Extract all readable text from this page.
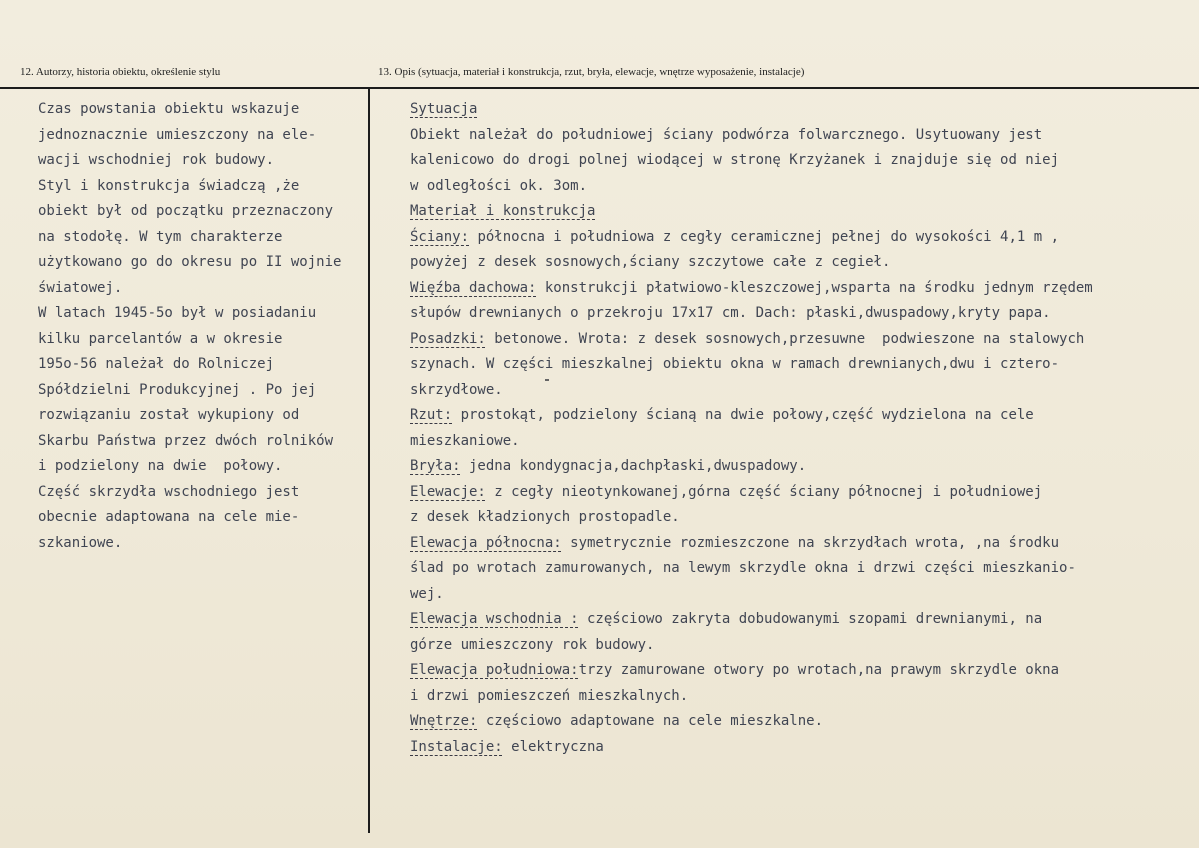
12. Autorzy, historia obiektu, określenie stylu	13. Opis (sytuacja, materiał i konstrukcja, rzut, bryła, elewacje, wnętrze wyposażenie, instalacje)
Czas powstania obiektu wskazuje
jednoznacznie umieszczony na ele-
wacji wschodniej rok budowy.
Styl i konstrukcja świadczą ,że
obiekt był od początku przeznaczony
na stodołę. W tym charakterze
użytkowano go do okresu po II wojnie
światowej.
W latach 1945-5o był w posiadaniu
kilku parcelantów a w okresie
195o-56 należał do Rolniczej
Spółdzielni Produkcyjnej . Po jej
rozwiązaniu został wykupiony od
Skarbu Państwa przez dwóch rolników
i podzielony na dwie  połowy.
Część skrzydła wschodniego jest
obecnie adaptowana na cele mie-
szkaniowe.
Sytuacja
Obiekt należał do południowej ściany podwórza folwarcznego. Usytuowany jest
kalenicowo do drogi polnej wiodącej w stronę Krzyżanek i znajduje się od niej
w odległości ok. 3om.
Materiał i konstrukcja
Ściany: północna i południowa z cegły ceramicznej pełnej do wysokości 4,1 m ,
powyżej z desek sosnowych,ściany szczytowe całe z cegieł.
Więźba dachowa: konstrukcji płatwiowo-kleszczowej,wsparta na środku jednym rzędem
słupów drewnianych o przekroju 17x17 cm. Dach: płaski,dwuspadowy,kryty papa.
Posadzki: betonowe. Wrota: z desek sosnowych,przesuwne  podwieszone na stalowych
szynach. W części mieszkalnej obiektu okna w ramach drewnianych,dwu i cztero-
skrzydłowe.
Rzut: prostokąt, podzielony ścianą na dwie połowy,część wydzielona na cele
mieszkaniowe.
Bryła: jedna kondygnacja,dachpłaski,dwuspadowy.
Elewacje: z cegły nieotynkowanej,górna część ściany północnej i południowej
z desek kładzionych prostopadle.
Elewacja północna: symetrycznie rozmieszczone na skrzydłach wrota, ,na środku
ślad po wrotach zamurowanych, na lewym skrzydle okna i drzwi części mieszkanio-
wej.
Elewacja wschodnia : częściowo zakryta dobudowanymi szopami drewnianymi, na
górze umieszczony rok budowy.
Elewacja południowa:trzy zamurowane otwory po wrotach,na prawym skrzydle okna
i drzwi pomieszczeń mieszkalnych.
Wnętrze: częściowo adaptowane na cele mieszkalne.
Instalacje: elektryczna
